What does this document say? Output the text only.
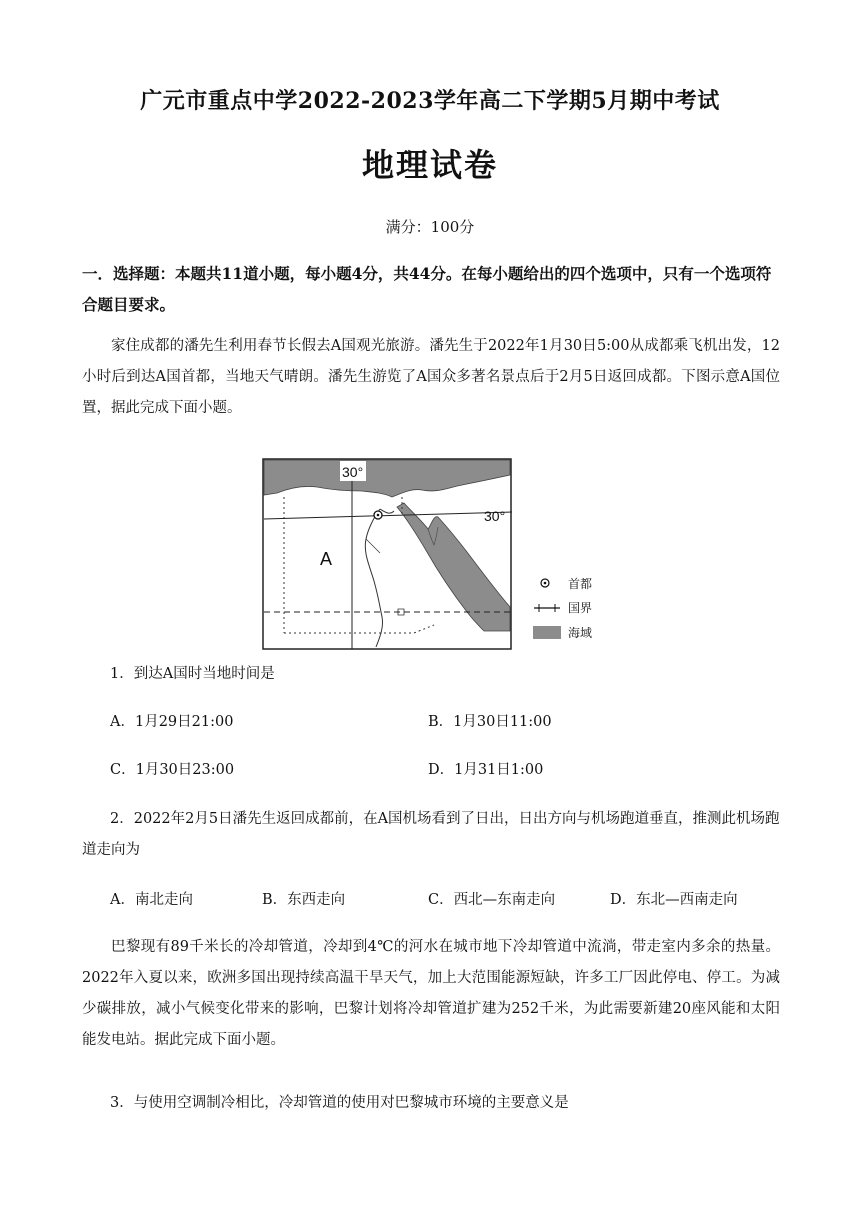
广元市重点中学2022-2023学年高二下学期5月期中考试
地理试卷
满分：100分
一．选择题：本题共11道小题，每小题4分，共44分。在每小题给出的四个选项中，只有一个选项符合题目要求。
家住成都的潘先生利用春节长假去A国观光旅游。潘先生于2022年1月30日5:00从成都乘飞机出发，12小时后到达A国首都，当地天气晴朗。潘先生游览了A国众多著名景点后于2月5日返回成都。下图示意A国位置，据此完成下面小题。
30°
30°
A
首都
国界
海域
1．到达A国时当地时间是
A．1月29日21:00	B．1月30日11:00
C．1月30日23:00	D．1月31日1:00
2．2022年2月5日潘先生返回成都前，在A国机场看到了日出，日出方向与机场跑道垂直，推测此机场跑道走向为
A．南北走向	B．东西走向	C．西北—东南走向	D．东北—西南走向
巴黎现有89千米长的冷却管道，冷却到4℃的河水在城市地下冷却管道中流淌，带走室内多余的热量。2022年入夏以来，欧洲多国出现持续高温干旱天气，加上大范围能源短缺，许多工厂因此停电、停工。为减少碳排放，减小气候变化带来的影响，巴黎计划将冷却管道扩建为252千米，为此需要新建20座风能和太阳能发电站。据此完成下面小题。
3．与使用空调制冷相比，冷却管道的使用对巴黎城市环境的主要意义是
